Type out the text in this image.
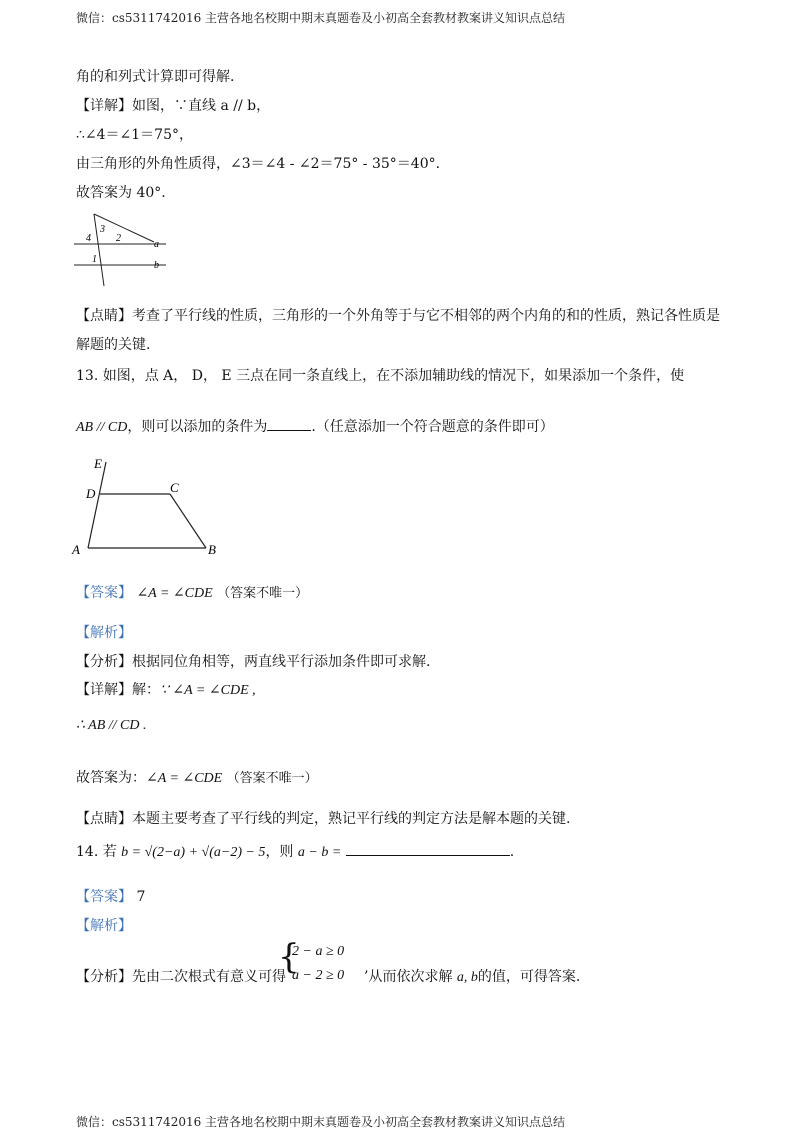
微信：cs5311742016 主营各地名校期中期末真题卷及小初高全套教材教案讲义知识点总结
角的和列式计算即可得解.
【详解】如图，∵直线 a // b，
∴∠4＝∠1＝75°，
由三角形的外角性质得，∠3＝∠4 - ∠2＝75° - 35°＝40°.
故答案为 40°.
4
3
2
a
1
b
【点睛】考查了平行线的性质，三角形的一个外角等于与它不相邻的两个内角的和的性质，熟记各性质是
解题的关键.
13. 如图，点 A， D， E 三点在同一条直线上，在不添加辅助线的情况下，如果添加一个条件，使
AB // CD，则可以添加的条件为	.（任意添加一个符合题意的条件即可）
E
D	C
A	B
【答案】 ∠A = ∠CDE （答案不唯一）
【解析】
【分析】根据同位角相等，两直线平行添加条件即可求解.
【详解】解：∵ ∠A = ∠CDE ,
∴ AB // CD .
故答案为：∠A = ∠CDE （答案不唯一）
【点睛】本题主要考查了平行线的判定，熟记平行线的判定方法是解本题的关键.
14. 若 b = √(2−a) + √(a−2) − 5，则 a − b =	.
【答案】 7
【解析】
【分析】先由二次根式有意义可得
{
2 − a ≥ 0
a − 2 ≥ 0 ’从而依次求解 a, b的值，可得答案.
微信：cs5311742016 主营各地名校期中期末真题卷及小初高全套教材教案讲义知识点总结
